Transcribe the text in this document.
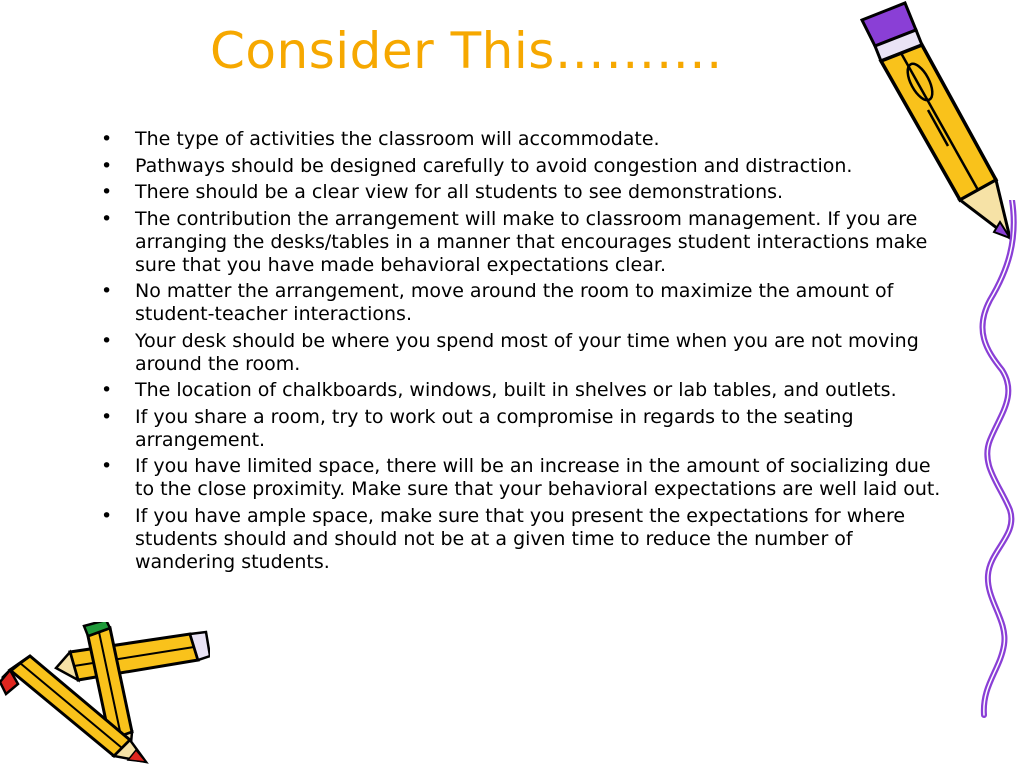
Consider This……….
• The type of activities the classroom will accommodate.
• Pathways should be designed carefully to avoid congestion and distraction.
• There should be a clear view for all students to see demonstrations.
• The contribution the arrangement will make to classroom management. If you are arranging the desks/tables in a manner that encourages student interactions make sure that you have made behavioral expectations clear.
• No matter the arrangement, move around the room to maximize the amount of student-teacher interactions.
• Your desk should be where you spend most of your time when you are not moving around the room.
• The location of chalkboards, windows, built in shelves or lab tables, and outlets.
• If you share a room, try to work out a compromise in regards to the seating arrangement.
• If you have limited space, there will be an increase in the amount of socializing due to the close proximity. Make sure that your behavioral expectations are well laid out.
• If you have ample space, make sure that you present the expectations for where students should and should not be at a given time to reduce the number of wandering students.
